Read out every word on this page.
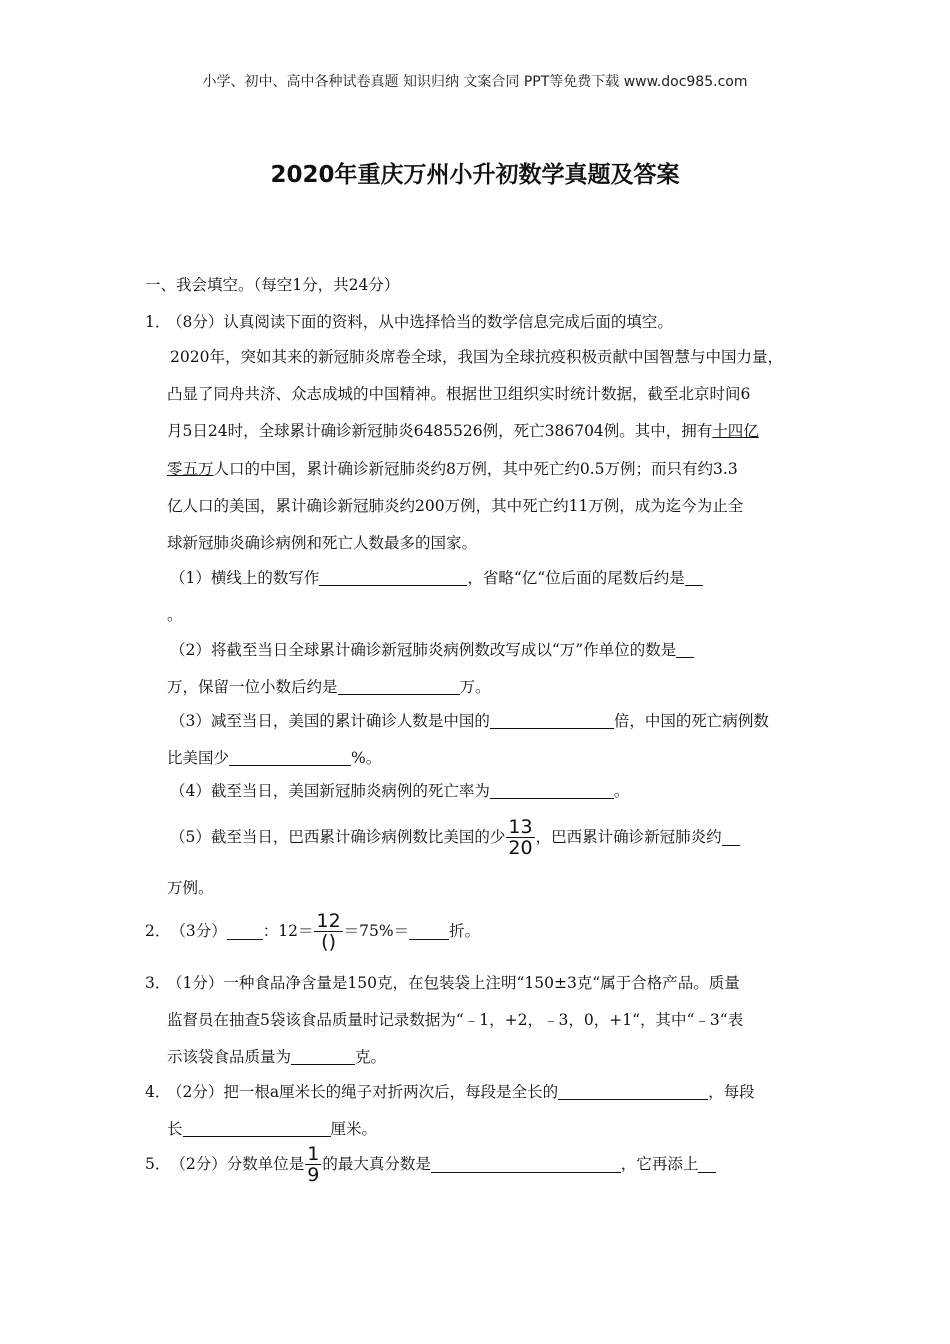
小学、初中、高中各种试卷真题 知识归纳 文案合同 PPT等免费下载 www.doc985.com
2020年重庆万州小升初数学真题及答案
一、我会填空。（每空1分，共24分）
1．
（8分）认真阅读下面的资料，从中选择恰当的数学信息完成后面的填空。
2020年，突如其来的新冠肺炎席卷全球，我国为全球抗疫积极贡献中国智慧与中国力量，
凸显了同舟共济、众志成城的中国精神。根据世卫组织实时统计数据，截至北京时间6
月5日24时，全球累计确诊新冠肺炎6485526例，死亡386704例。其中，拥有十四亿
零五万人口的中国，累计确诊新冠肺炎约8万例，其中死亡约0.5万例；而只有约3.3
亿人口的美国，累计确诊新冠肺炎约200万例，其中死亡约11万例，成为迄今为止全
球新冠肺炎确诊病例和死亡人数最多的国家。
（1）横线上的数写作	，省略“亿“位后面的尾数后约是
。
（2）将截至当日全球累计确诊新冠肺炎病例数改写成以“万”作单位的数是
万，保留一位小数后约是	万。
（3）减至当日，美国的累计确诊人数是中国的	倍，中国的死亡病例数
比美国少	%。
（4）截至当日，美国新冠肺炎病例的死亡率为	。
（5）截至当日，巴西累计确诊病例数比美国的少 $\frac{13}{20}$ ，巴西累计确诊新冠肺炎约
万例。
2． （3分） ：$12= \frac{12}{()} =75\%=$	折。
3．
（1分）一种食品净含量是150克，在包装袋上注明“150±3克“属于合格产品。质量
监督员在抽查5袋该食品质量时记录数据为“﹣1，+2，﹣3，0，+1“，其中“﹣3“表
示该袋食品质量为	克。
4．
（2分）把一根a厘米长的绳子对折两次后，每段是全长的	，每段
长	厘米。
5． （2分）分数单位是 $\frac{1}{9}$ 的最大真分数是	，它再添上
